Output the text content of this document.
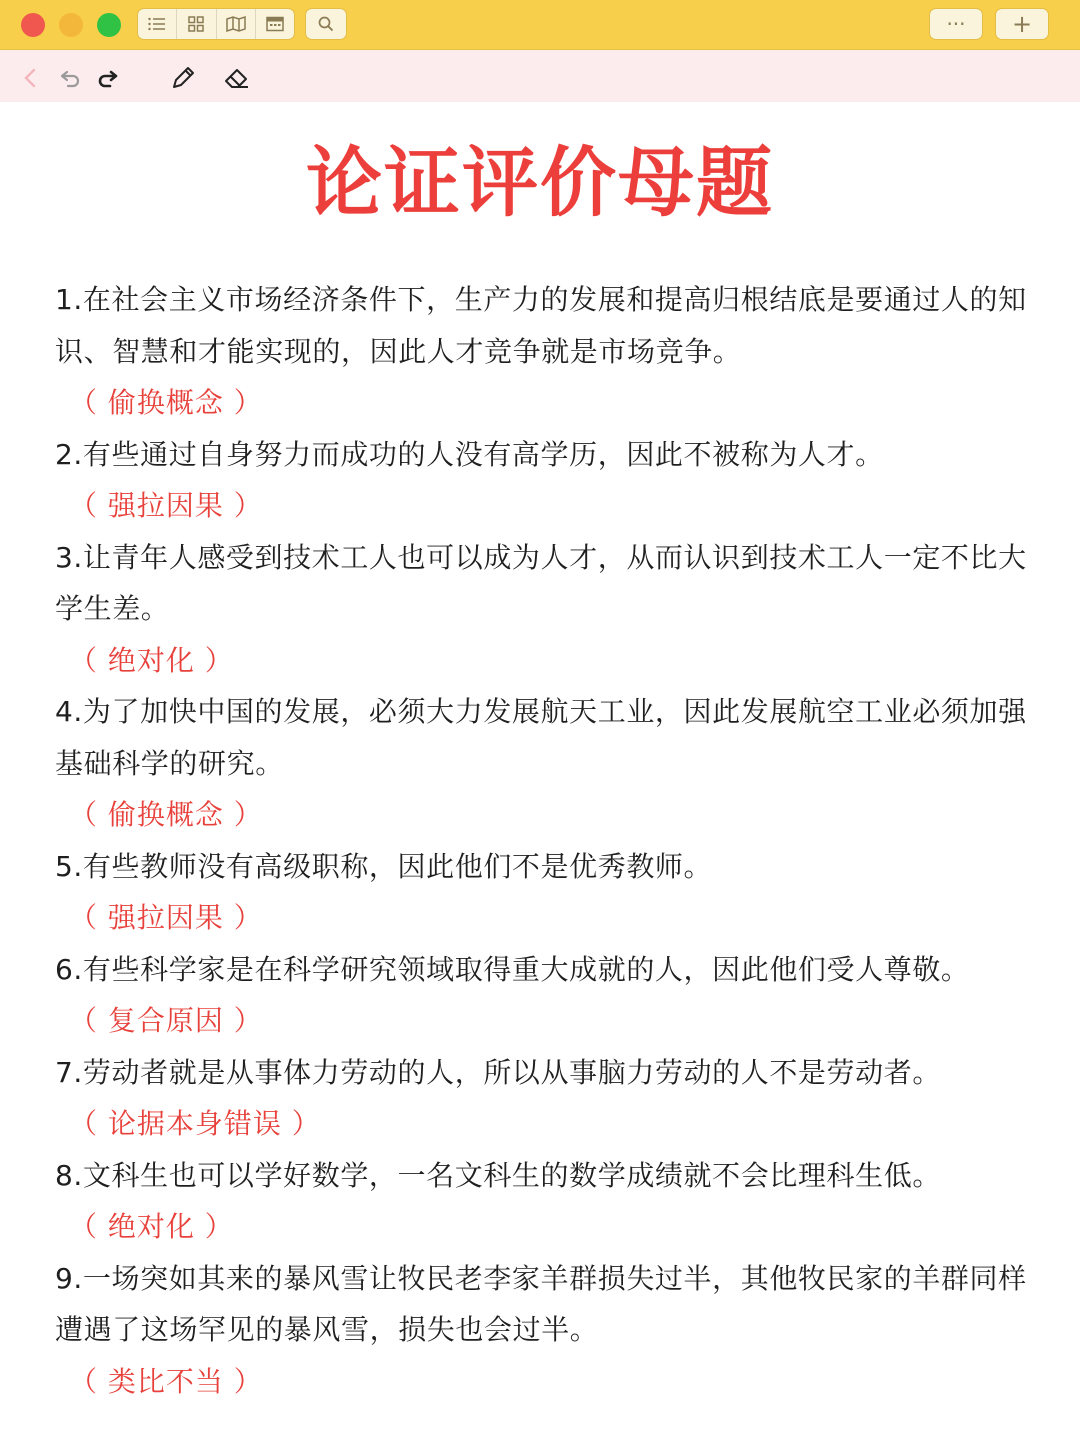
···	+
论证评价母题

1.在社会主义市场经济条件下，生产力的发展和提高归根结底是要通过人的知识、智慧和才能实现的，因此人才竞争就是市场竞争。

（ 偷换概念 ）

2.有些通过自身努力而成功的人没有高学历，因此不被称为人才。

（ 强拉因果 ）

3.让青年人感受到技术工人也可以成为人才，从而认识到技术工人一定不比大学生差。

（ 绝对化 ）

4.为了加快中国的发展，必须大力发展航天工业，因此发展航空工业必须加强基础科学的研究。

（ 偷换概念 ）

5.有些教师没有高级职称，因此他们不是优秀教师。

（ 强拉因果 ）

6.有些科学家是在科学研究领域取得重大成就的人，因此他们受人尊敬。

（ 复合原因 ）

7.劳动者就是从事体力劳动的人，所以从事脑力劳动的人不是劳动者。

（ 论据本身错误 ）

8.文科生也可以学好数学，一名文科生的数学成绩就不会比理科生低。

（ 绝对化 ）

9.一场突如其来的暴风雪让牧民老李家羊群损失过半，其他牧民家的羊群同样遭遇了这场罕见的暴风雪，损失也会过半。

（ 类比不当 ）
